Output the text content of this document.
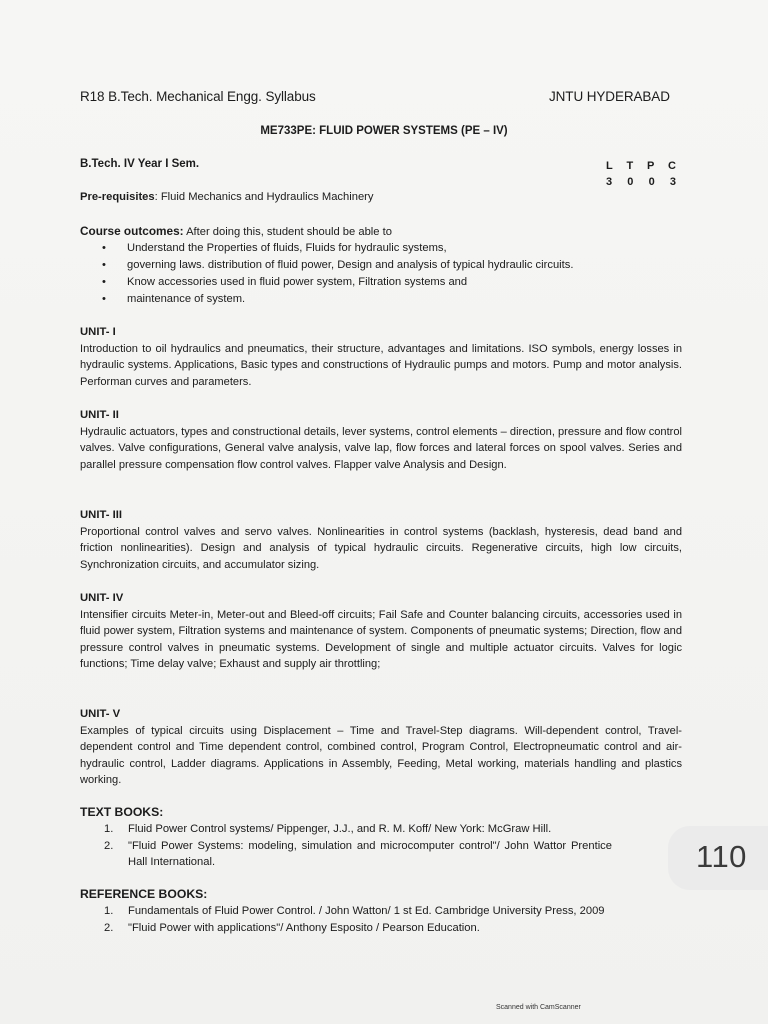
R18 B.Tech. Mechanical Engg. Syllabus	JNTU HYDERABAD
ME733PE: FLUID POWER SYSTEMS (PE – IV)
B.Tech. IV Year I Sem.	L T P C
3 0 0 3
Pre-requisites: Fluid Mechanics and Hydraulics Machinery
Course outcomes: After doing this, student should be able to
• Understand the Properties of fluids, Fluids for hydraulic systems,
• governing laws. distribution of fluid power, Design and analysis of typical hydraulic circuits.
• Know accessories used in fluid power system, Filtration systems and
• maintenance of system.
UNIT- I

Introduction to oil hydraulics and pneumatics, their structure, advantages and limitations. ISO symbols, energy losses in hydraulic systems. Applications, Basic types and constructions of Hydraulic pumps and motors. Pump and motor analysis. Performan curves and parameters.

UNIT- II

Hydraulic actuators, types and constructional details, lever systems, control elements – direction, pressure and flow control valves. Valve configurations, General valve analysis, valve lap, flow forces and lateral forces on spool valves. Series and parallel pressure compensation flow control valves. Flapper valve Analysis and Design.

UNIT- III

Proportional control valves and servo valves. Nonlinearities in control systems (backlash, hysteresis, dead band and friction nonlinearities). Design and analysis of typical hydraulic circuits. Regenerative circuits, high low circuits, Synchronization circuits, and accumulator sizing.

UNIT- IV

Intensifier circuits Meter-in, Meter-out and Bleed-off circuits; Fail Safe and Counter balancing circuits, accessories used in fluid power system, Filtration systems and maintenance of system. Components of pneumatic systems; Direction, flow and pressure control valves in pneumatic systems. Development of single and multiple actuator circuits. Valves for logic functions; Time delay valve; Exhaust and supply air throttling;

UNIT- V

Examples of typical circuits using Displacement – Time and Travel-Step diagrams. Will-dependent control, Travel-dependent control and Time dependent control, combined control, Program Control, Electropneumatic control and air-hydraulic control, Ladder diagrams. Applications in Assembly, Feeding, Metal working, materials handling and plastics working.

TEXT BOOKS:
1. Fluid Power Control systems/ Pippenger, J.J., and R. M. Koff/ New York: McGraw Hill.
2. "Fluid Power Systems: modeling, simulation and microcomputer control"/ John Wattor Prentice Hall International.
REFERENCE BOOKS:
1. Fundamentals of Fluid Power Control. / John Watton/ 1 st Ed. Cambridge University Press, 2009
2. "Fluid Power with applications"/ Anthony Esposito / Pearson Education.
110
Scanned with CamScanner
